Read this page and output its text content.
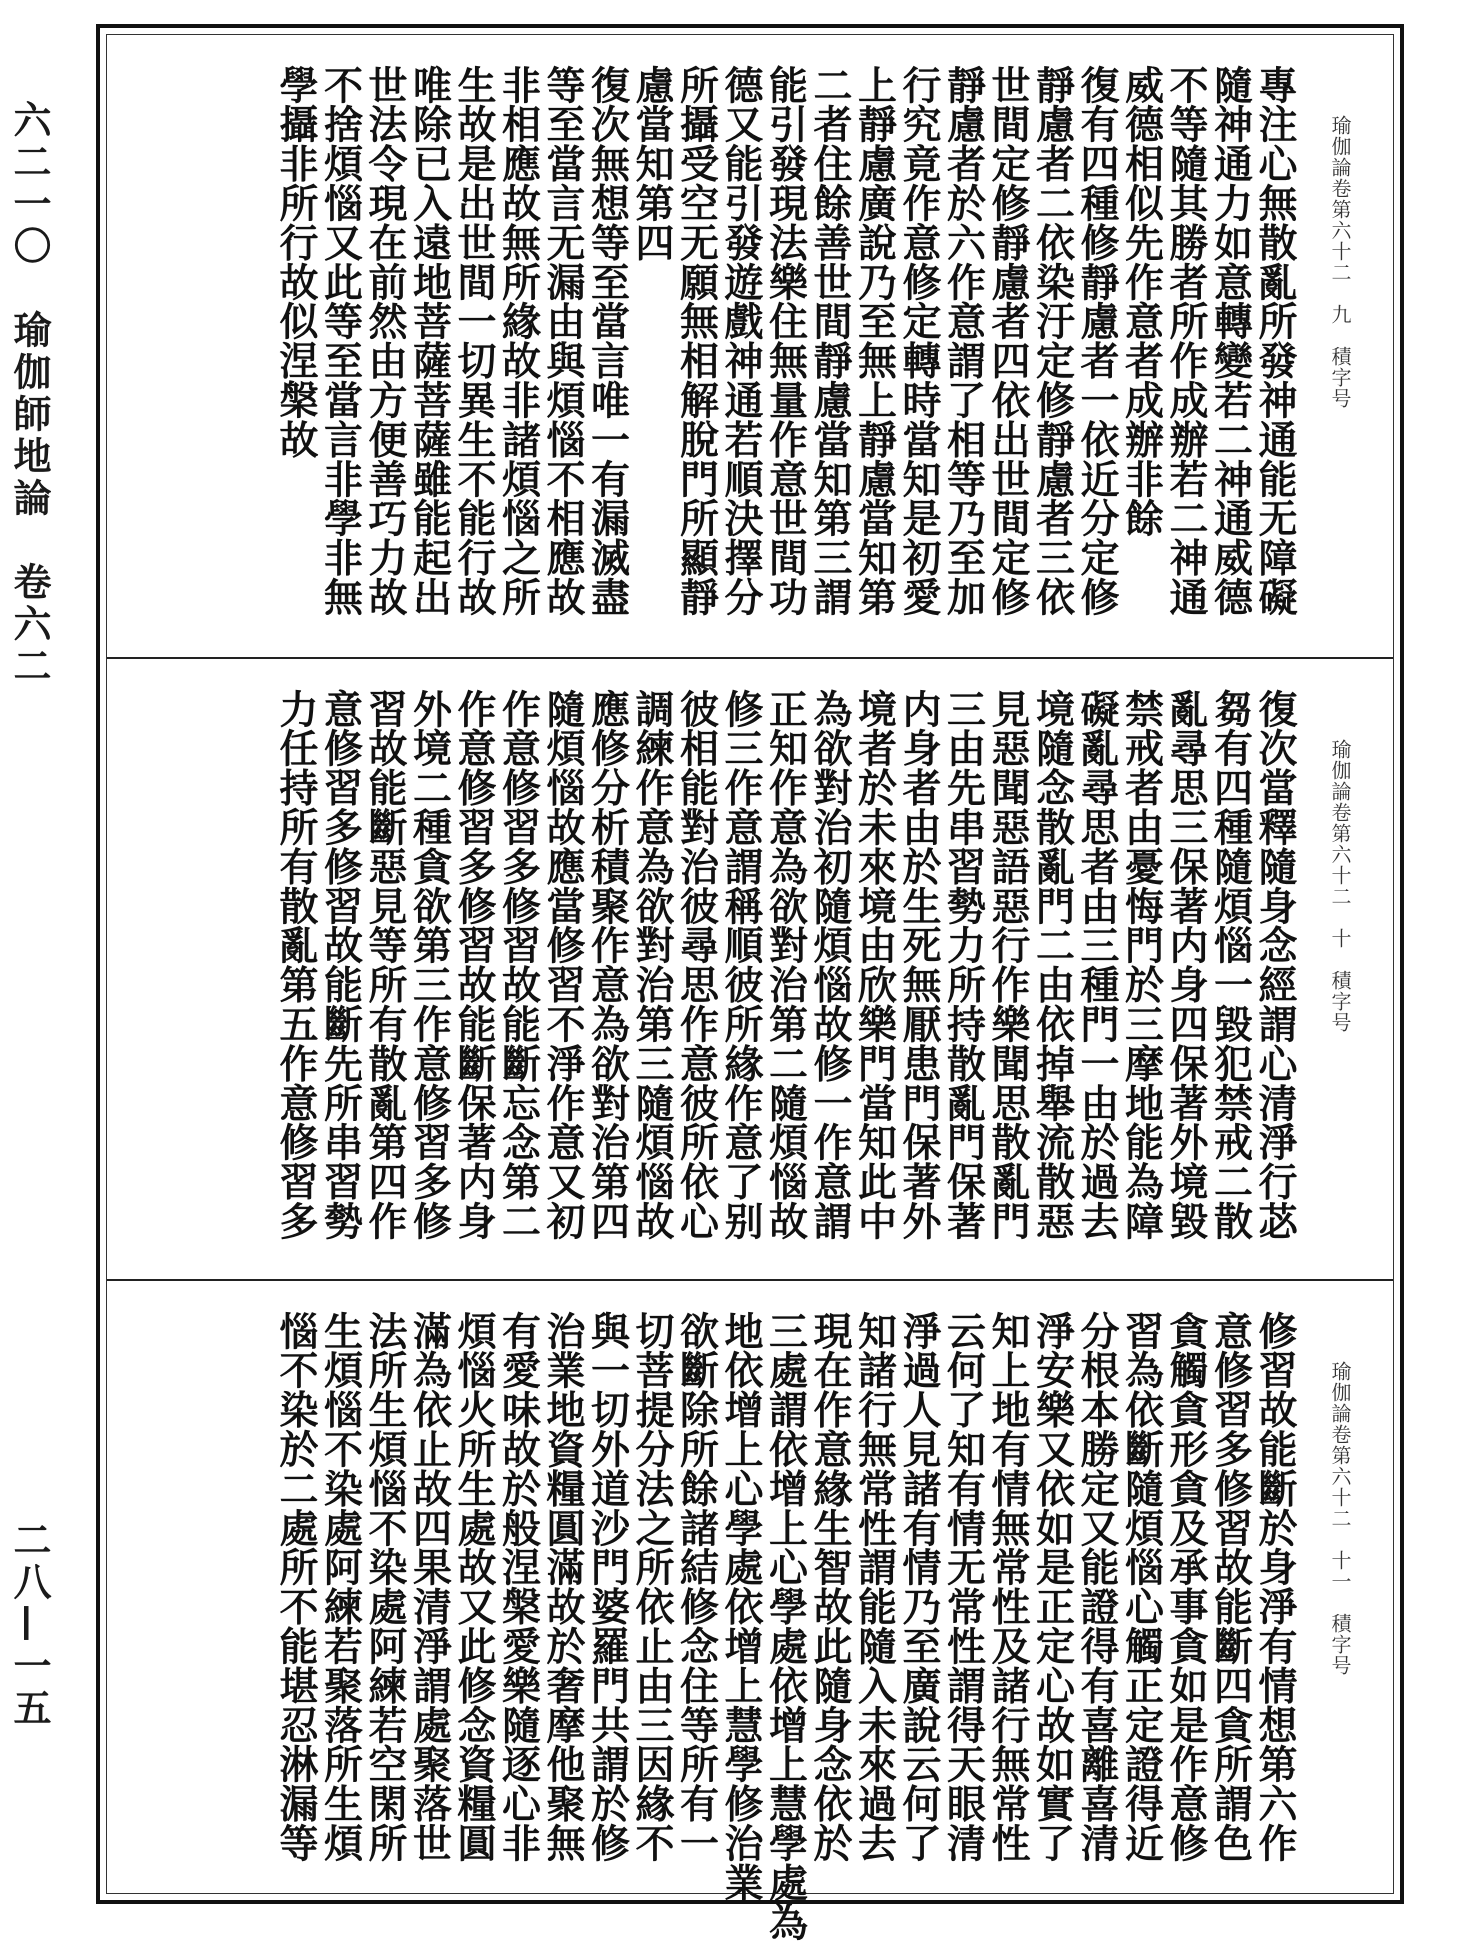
六二一〇　瑜伽師地論　卷六二
二八—一五
瑜伽論卷第六十二　九　積字号
專注心無散亂所發神通能无障礙
隨神通力如意轉變若二神通威德
不等隨其勝者所作成辦若二神通
威德相似先作意者成辦非餘
復有四種修靜慮者一依近分定修
靜慮者二依染汙定修靜慮者三依
世間定修靜慮者四依出世間定修
靜慮者於六作意謂了相等乃至加
行究竟作意修定轉時當知是初愛
上靜慮廣說乃至無上靜慮當知第
二者住餘善世間靜慮當知第三謂
能引發現法樂住無量作意世間功
德又能引發遊戲神通若順決擇分
所攝受空无願無相解脫門所顯靜
慮當知第四
復次無想等至當言唯一有漏滅盡
等至當言无漏由與煩惱不相應故
非相應故無所緣故非諸煩惱之所
生故是出世間一切異生不能行故
唯除已入遠地菩薩菩薩雖能起出
世法令現在前然由方便善巧力故
不捨煩惱又此等至當言非學非無
學攝非所行故似涅槃故
瑜伽論卷第六十二　十　積字号
復次當釋隨身念經謂心清淨行苾
芻有四種隨煩惱一毀犯禁戒二散
亂尋思三保著内身四保著外境毀
禁戒者由憂悔門於三摩地能為障
礙亂尋思者由三種門一由於過去
境隨念散亂門二由依掉舉流散惡
見惡聞惡語惡行作樂聞思散亂門
三由先串習勢力所持散亂門保著
内身者由於生死無厭患門保著外
境者於未來境由欣樂門當知此中
為欲對治初隨煩惱故修一作意謂
正知作意為欲對治第二隨煩惱故
修三作意謂稱順彼所緣作意了别
彼相能對治彼尋思作意彼所依心
調練作意為欲對治第三隨煩惱故
應修分析積聚作意為欲對治第四
隨煩惱故應當修習不淨作意又初
作意修習多修習故能斷忘念第二
作意修習多修習故能斷保著内身
外境二種貪欲第三作意修習多修
習故能斷惡見等所有散亂第四作
意修習多修習故能斷先所串習勢
力任持所有散亂第五作意修習多
瑜伽論卷第六十二　十一　積字号
修習故能斷於身淨有情想第六作
意修習多修習故能斷四貪所謂色
貪觸貪形貪及承事貪如是作意修
習為依斷隨煩惱心觸正定證得近
分根本勝定又能證得有喜離喜清
淨安樂又依如是正定心故如實了
知上地有情無常性及諸行無常性
云何了知有情无常性謂得天眼清
淨過人見諸有情乃至廣說云何了
知諸行無常性謂能隨入未來過去
現在作意緣生智故此隨身念依於
三處謂依增上心學處依增上慧學處為
地依增上心學處依增上慧學修治業
欲斷除所餘諸結修念住等所有一
切菩提分法之所依止由三因緣不
與一切外道沙門婆羅門共謂於修
治業地資糧圓滿故於奢摩他聚無
有愛味故於般涅槃愛樂隨逐心非
煩惱火所生處故又此修念資糧圓
滿為依止故四果清淨謂處聚落世
法所生煩惱不染處阿練若空閑所
生煩惱不染處阿練若聚落所生煩
惱不染於二處所不能堪忍淋漏等
